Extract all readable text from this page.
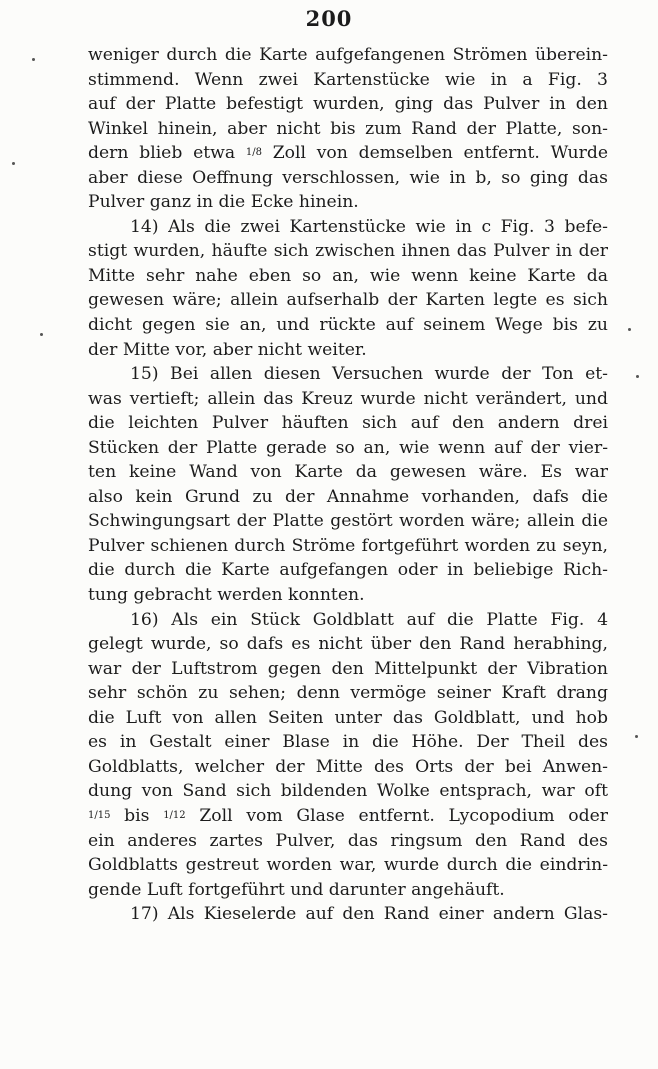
200
weniger durch die Karte aufgefangenen Strömen überein-
stimmend. Wenn zwei Kartenstücke wie in a Fig. 3
auf der Platte befestigt wurden, ging das Pulver in den
Winkel hinein, aber nicht bis zum Rand der Platte, son-
dern blieb etwa 1/8 Zoll von demselben entfernt. Wurde
aber diese Oeffnung verschlossen, wie in b, so ging das
Pulver ganz in die Ecke hinein.
14) Als die zwei Kartenstücke wie in c Fig. 3 befe-
stigt wurden, häufte sich zwischen ihnen das Pulver in der
Mitte sehr nahe eben so an, wie wenn keine Karte da
gewesen wäre; allein aufserhalb der Karten legte es sich
dicht gegen sie an, und rückte auf seinem Wege bis zu
der Mitte vor, aber nicht weiter.
15) Bei allen diesen Versuchen wurde der Ton et-
was vertieft; allein das Kreuz wurde nicht verändert, und
die leichten Pulver häuften sich auf den andern drei
Stücken der Platte gerade so an, wie wenn auf der vier-
ten keine Wand von Karte da gewesen wäre. Es war
also kein Grund zu der Annahme vorhanden, dafs die
Schwingungsart der Platte gestört worden wäre; allein die
Pulver schienen durch Ströme fortgeführt worden zu seyn,
die durch die Karte aufgefangen oder in beliebige Rich-
tung gebracht werden konnten.
16) Als ein Stück Goldblatt auf die Platte Fig. 4
gelegt wurde, so dafs es nicht über den Rand herabhing,
war der Luftstrom gegen den Mittelpunkt der Vibration
sehr schön zu sehen; denn vermöge seiner Kraft drang
die Luft von allen Seiten unter das Goldblatt, und hob
es in Gestalt einer Blase in die Höhe. Der Theil des
Goldblatts, welcher der Mitte des Orts der bei Anwen-
dung von Sand sich bildenden Wolke entsprach, war oft
1/15 bis 1/12 Zoll vom Glase entfernt. Lycopodium oder
ein anderes zartes Pulver, das ringsum den Rand des
Goldblatts gestreut worden war, wurde durch die eindrin-
gende Luft fortgeführt und darunter angehäuft.
17) Als Kieselerde auf den Rand einer andern Glas-
